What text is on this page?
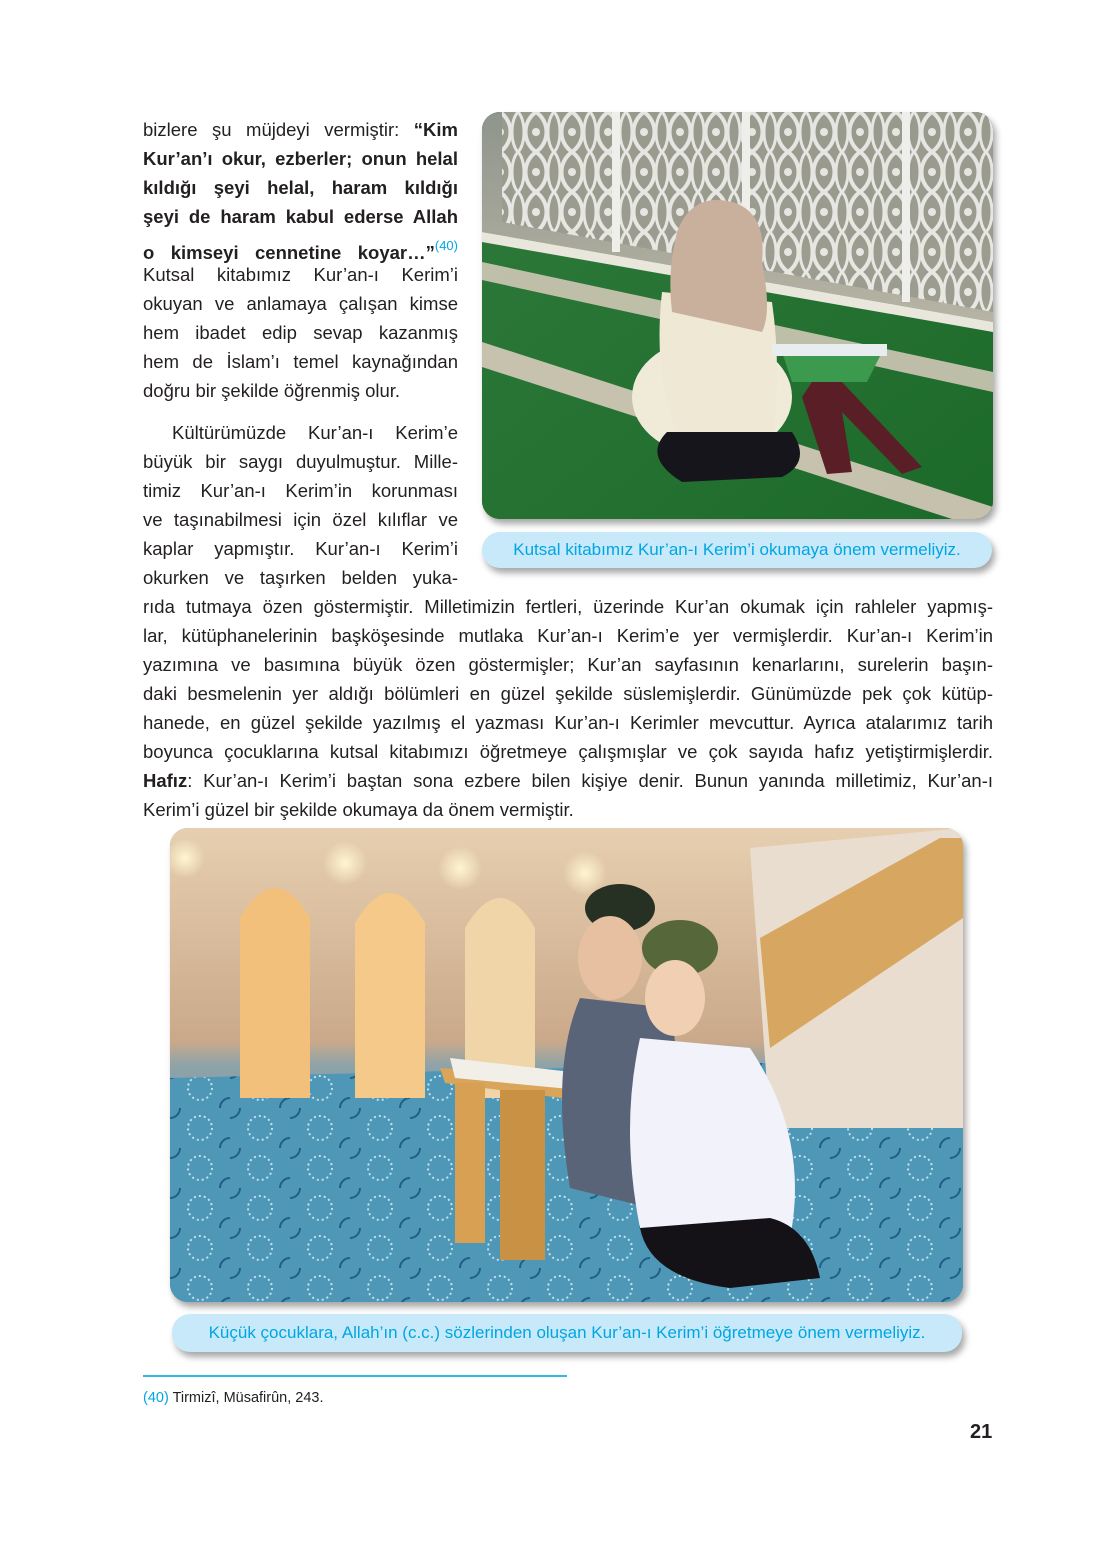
bizlere şu müjdeyi vermiştir: “Kim
Kur’an’ı okur, ezberler; onun helal
kıldığı şeyi helal, haram kıldığı
şeyi de haram kabul ederse Allah
o kimseyi cennetine koyar…”$^{(40)}$
Kutsal kitabımız Kur’an-ı Kerim’i
okuyan ve anlamaya çalışan kimse
hem ibadet edip sevap kazanmış
hem de İslam’ı temel kaynağından
doğru bir şekilde öğrenmiş olur.
Kültürümüzde Kur’an-ı Kerim’e
büyük bir saygı duyulmuştur. Mille-
timiz Kur’an-ı Kerim’in korunması
ve taşınabilmesi için özel kılıflar ve
kaplar yapmıştır. Kur’an-ı Kerim’i
okurken ve taşırken belden yuka-
rıda tutmaya özen göstermiştir. Milletimizin fertleri, üzerinde Kur’an okumak için rahleler yapmış-
lar, kütüphanelerinin başköşesinde mutlaka Kur’an-ı Kerim’e yer vermişlerdir. Kur’an-ı Kerim’in
yazımına ve basımına büyük özen göstermişler; Kur’an sayfasının kenarlarını, surelerin başın-
daki besmelenin yer aldığı bölümleri en güzel şekilde süslemişlerdir. Günümüzde pek çok kütüp-
hanede, en güzel şekilde yazılmış el yazması Kur’an-ı Kerimler mevcuttur. Ayrıca atalarımız tarih
boyunca çocuklarına kutsal kitabımızı öğretmeye çalışmışlar ve çok sayıda hafız yetiştirmişlerdir.
Hafız: Kur’an-ı Kerim’i baştan sona ezbere bilen kişiye denir. Bunun yanında milletimiz, Kur’an-ı
Kerim’i güzel bir şekilde okumaya da önem vermiştir.
Kutsal kitabımız Kur’an-ı Kerim’i okumaya önem vermeliyiz.
Küçük çocuklara, Allah’ın (c.c.) sözlerinden oluşan Kur’an-ı Kerim’i öğretmeye önem vermeliyiz.
(40) Tirmizî, Müsafirûn, 243.
21
